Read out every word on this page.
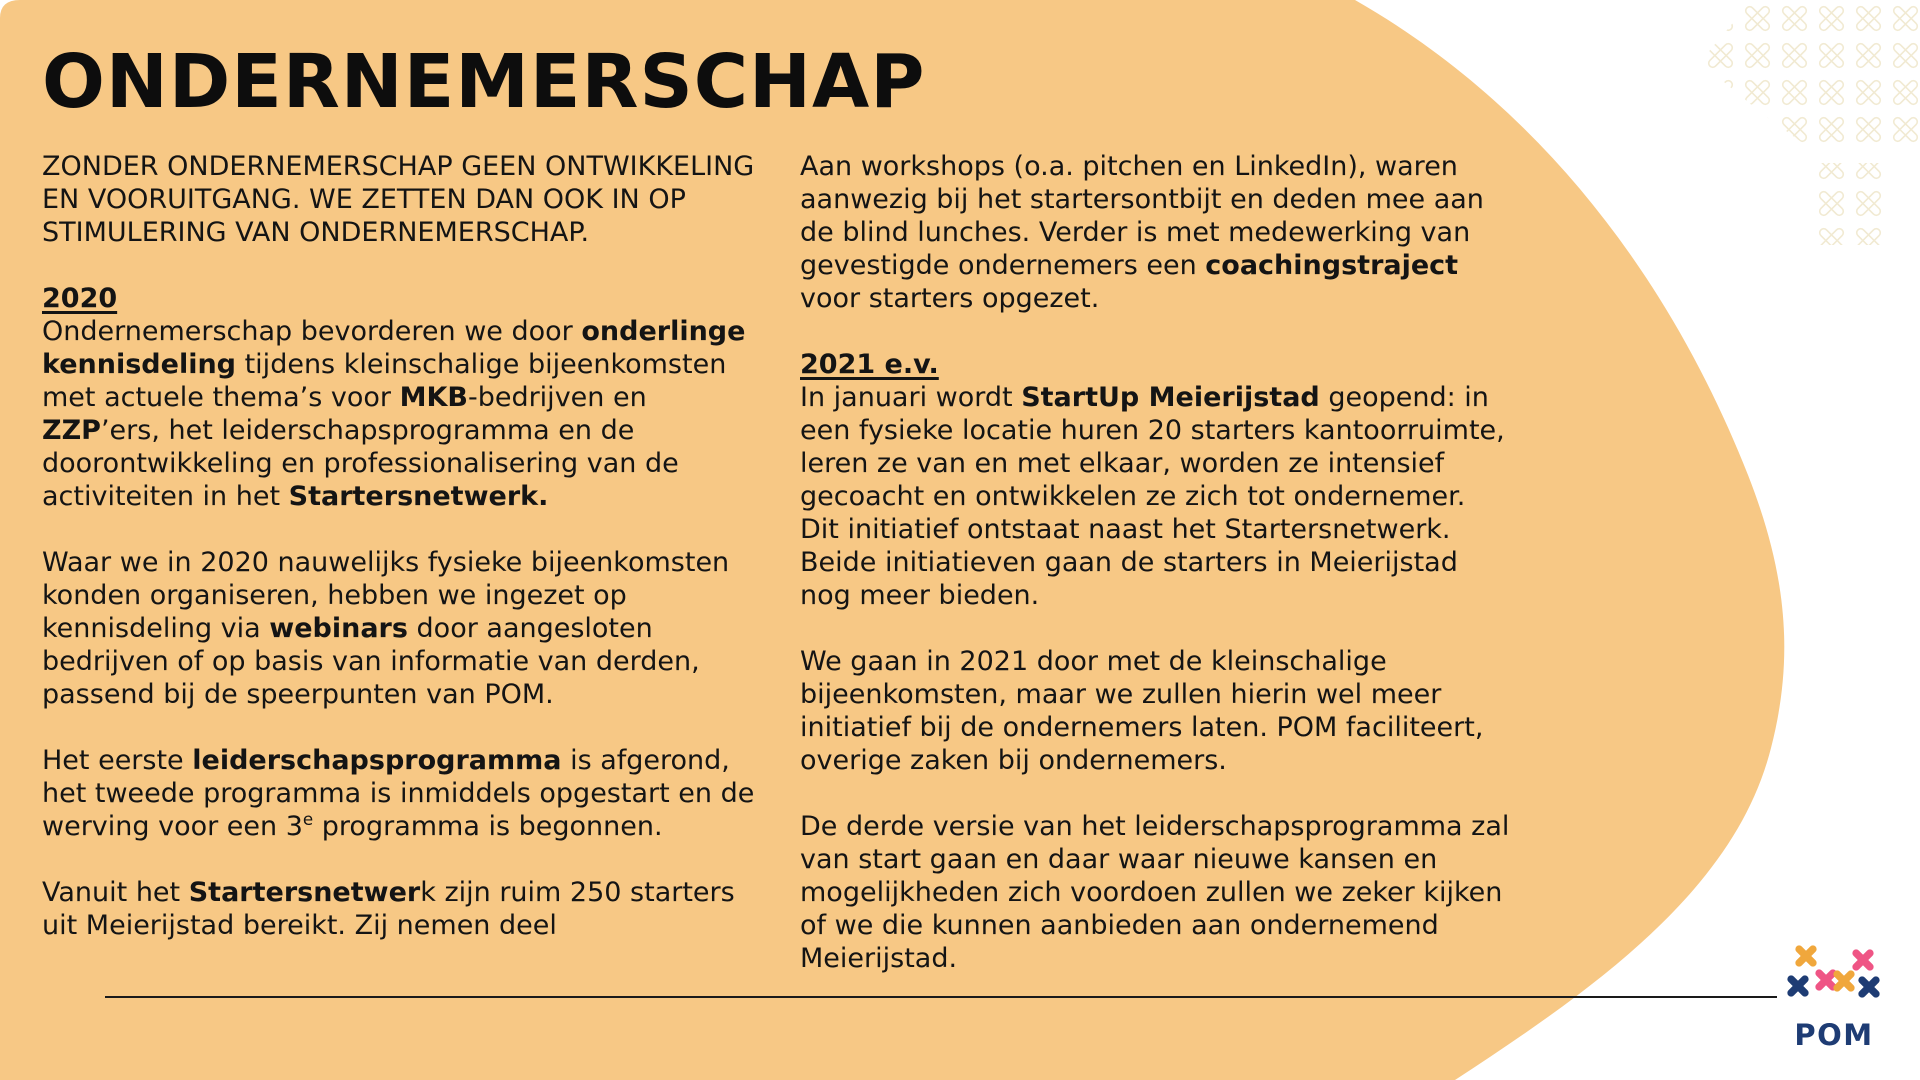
ONDERNEMERSCHAP
ZONDER ONDERNEMERSCHAP GEEN ONTWIKKELING EN VOORUITGANG. WE ZETTEN DAN OOK IN OP STIMULERING VAN ONDERNEMERSCHAP.
2020
Ondernemerschap bevorderen we door onderlinge kennisdeling tijdens kleinschalige bijeenkomsten met actuele thema’s voor MKB-bedrijven en ZZP’ers, het leiderschapsprogramma en de doorontwikkeling en professionalisering van de activiteiten in het Startersnetwerk.
Waar we in 2020 nauwelijks fysieke bijeenkomsten konden organiseren, hebben we ingezet op kennisdeling via webinars door aangesloten bedrijven of op basis van informatie van derden, passend bij de speerpunten van POM.
Het eerste leiderschapsprogramma is afgerond, het tweede programma is inmiddels opgestart en de werving voor een 3e programma is begonnen.
Vanuit het Startersnetwerk zijn ruim 250 starters uit Meierijstad bereikt. Zij nemen deel
Aan workshops (o.a. pitchen en LinkedIn), waren aanwezig bij het startersontbijt en deden mee aan de blind lunches. Verder is met medewerking van gevestigde ondernemers een coachingstraject voor starters opgezet.
2021 e.v.
In januari wordt StartUp Meierijstad geopend: in een fysieke locatie huren 20 starters kantoorruimte, leren ze van en met elkaar, worden ze intensief gecoacht en ontwikkelen ze zich tot ondernemer. Dit initiatief ontstaat naast het Startersnetwerk. Beide initiatieven gaan de starters in Meierijstad nog meer bieden.
We gaan in 2021 door met de kleinschalige bijeenkomsten, maar we zullen hierin wel meer initiatief bij de ondernemers laten. POM faciliteert, overige zaken bij ondernemers.
De derde versie van het leiderschapsprogramma zal van start gaan en daar waar nieuwe kansen en mogelijkheden zich voordoen zullen we zeker kijken of we die kunnen aanbieden aan ondernemend Meierijstad.
POM
